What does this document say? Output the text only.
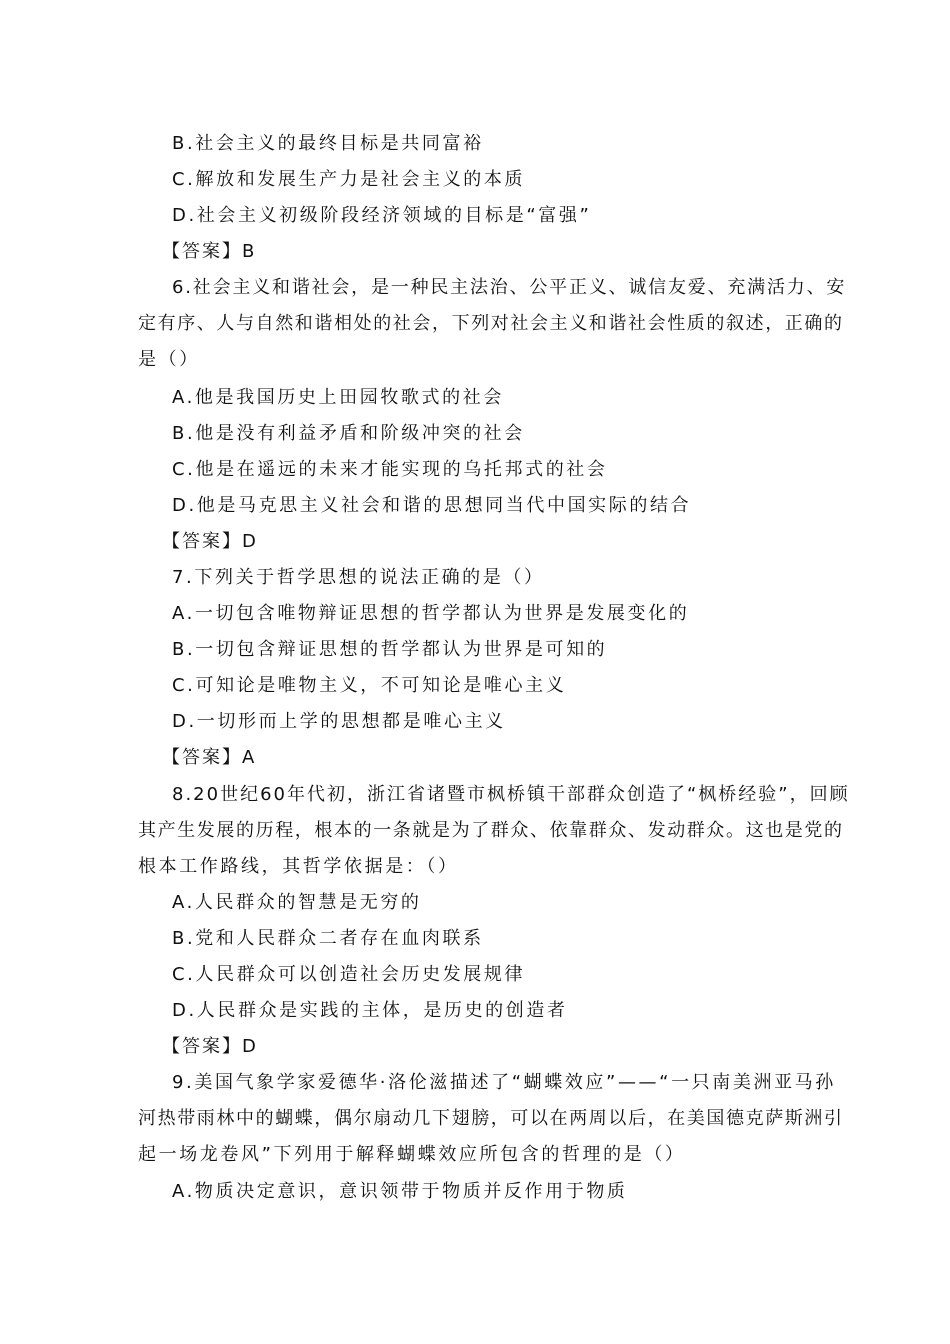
B.社会主义的最终目标是共同富裕
C.解放和发展生产力是社会主义的本质
D.社会主义初级阶段经济领域的目标是“富强”
【答案】B
6.社会主义和谐社会，是一种民主法治、公平正义、诚信友爱、充满活力、安
定有序、人与自然和谐相处的社会，下列对社会主义和谐社会性质的叙述，正确的
是（）
A.他是我国历史上田园牧歌式的社会
B.他是没有利益矛盾和阶级冲突的社会
C.他是在遥远的未来才能实现的乌托邦式的社会
D.他是马克思主义社会和谐的思想同当代中国实际的结合
【答案】D
7.下列关于哲学思想的说法正确的是（）
A.一切包含唯物辩证思想的哲学都认为世界是发展变化的
B.一切包含辩证思想的哲学都认为世界是可知的
C.可知论是唯物主义，不可知论是唯心主义
D.一切形而上学的思想都是唯心主义
【答案】A
8.20世纪60年代初，浙江省诸暨市枫桥镇干部群众创造了“枫桥经验”，回顾
其产生发展的历程，根本的一条就是为了群众、依靠群众、发动群众。这也是党的
根本工作路线，其哲学依据是：（）
A.人民群众的智慧是无穷的
B.党和人民群众二者存在血肉联系
C.人民群众可以创造社会历史发展规律
D.人民群众是实践的主体，是历史的创造者
【答案】D
9.美国气象学家爱德华·洛伦滋描述了“蝴蝶效应”——“一只南美洲亚马孙
河热带雨林中的蝴蝶，偶尔扇动几下翅膀，可以在两周以后，在美国德克萨斯洲引
起一场龙卷风”下列用于解释蝴蝶效应所包含的哲理的是（）
A.物质决定意识，意识领带于物质并反作用于物质
